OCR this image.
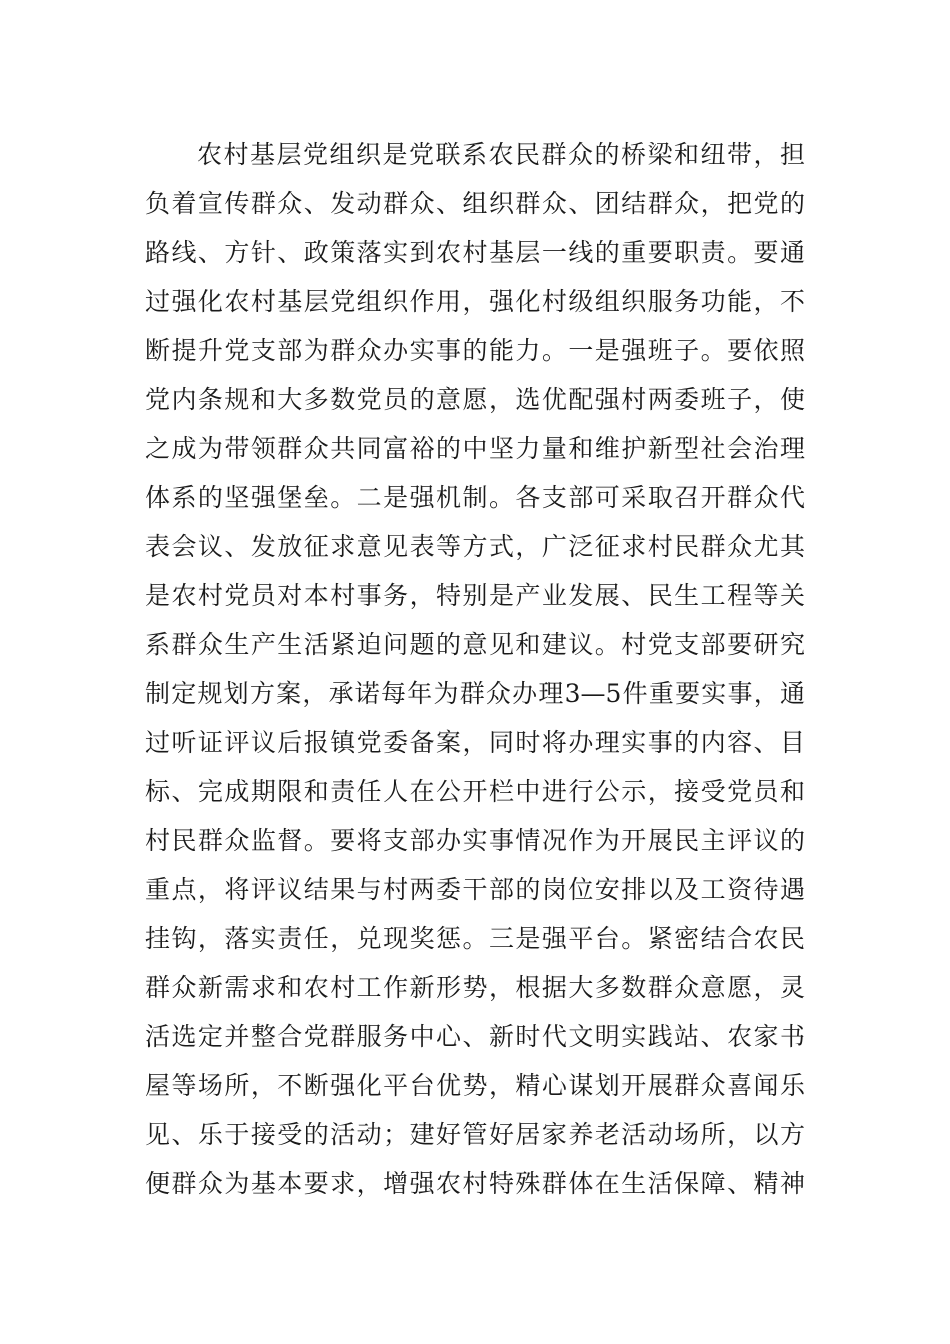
农村基层党组织是党联系农民群众的桥梁和纽带，担
负着宣传群众、发动群众、组织群众、团结群众，把党的
路线、方针、政策落实到农村基层一线的重要职责。要通
过强化农村基层党组织作用，强化村级组织服务功能，不
断提升党支部为群众办实事的能力。一是强班子。要依照
党内条规和大多数党员的意愿，选优配强村两委班子，使
之成为带领群众共同富裕的中坚力量和维护新型社会治理
体系的坚强堡垒。二是强机制。各支部可采取召开群众代
表会议、发放征求意见表等方式，广泛征求村民群众尤其
是农村党员对本村事务，特别是产业发展、民生工程等关
系群众生产生活紧迫问题的意见和建议。村党支部要研究
制定规划方案，承诺每年为群众办理3—5件重要实事，通
过听证评议后报镇党委备案，同时将办理实事的内容、目
标、完成期限和责任人在公开栏中进行公示，接受党员和
村民群众监督。要将支部办实事情况作为开展民主评议的
重点，将评议结果与村两委干部的岗位安排以及工资待遇
挂钩，落实责任，兑现奖惩。三是强平台。紧密结合农民
群众新需求和农村工作新形势，根据大多数群众意愿，灵
活选定并整合党群服务中心、新时代文明实践站、农家书
屋等场所，不断强化平台优势，精心谋划开展群众喜闻乐
见、乐于接受的活动；建好管好居家养老活动场所，以方
便群众为基本要求，增强农村特殊群体在生活保障、精神
